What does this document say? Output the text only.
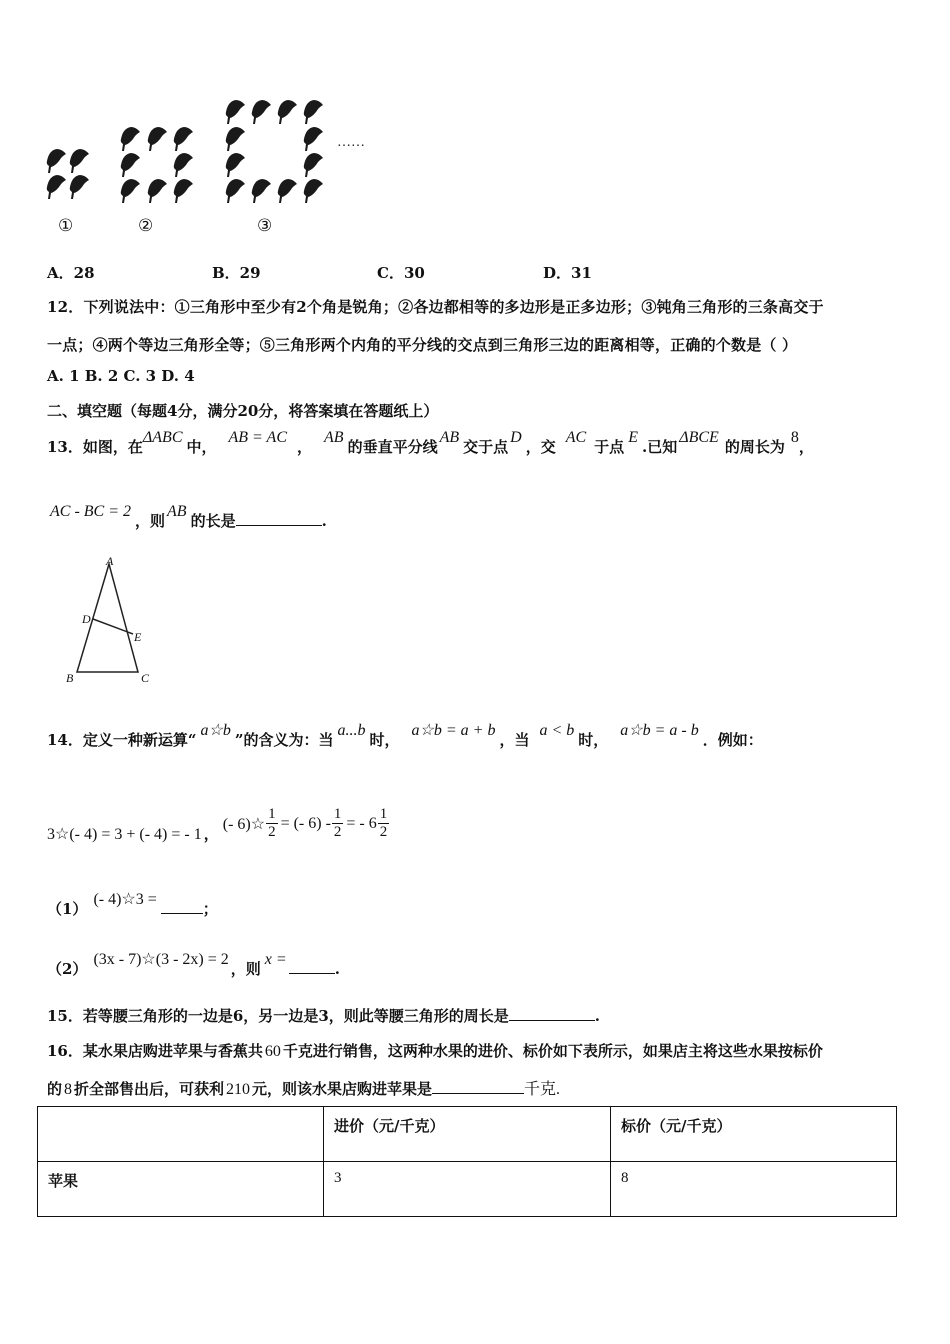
①	②	③
……
A．28	B．29	C．30	D．31
12．下列说法中：①三角形中至少有2个角是锐角；②各边都相等的多边形是正多边形；③钝角三角形的三条高交于
一点；④两个等边三角形全等；⑤三角形两个内角的平分线的交点到三角形三边的距离相等，正确的个数是（ ）
A. 1 B. 2 C. 3 D. 4
二、填空题（每题4分，满分20分，将答案填在答题纸上）
13．如图，在ΔABC中，AB = AC，AB的垂直平分线AB交于点D，交AC于点E.已知ΔBCE的周长为8，
AC - BC = 2，则AB的长是	.
A
D
E
B	C
14．定义一种新运算“a☆b”的含义为：当a...b时，a☆b = a + b，当a < b时，a☆b = a - b．例如：
3☆(- 4) = 3 + (- 4) = - 1 ，
(- 6)☆ $\frac{1}{2}$ = (- $6) - \frac{1}{2}$ = - $6 \frac{1}{2}$
（1）(- 4)☆3 =；
（2）(3x - 7)☆(3 - 2x) = 2，则x =.
15．若等腰三角形的一边是6，另一边是3，则此等腰三角形的周长是	.
16．某水果店购进苹果与香蕉共 60 千克进行销售，这两种水果的进价、标价如下表所示，如果店主将这些水果按标价
的 8 折全部售出后，可获利 210 元，则该水果店购进苹果是	千克.
	进价（元/千克）	标价（元/千克）
苹果	3	8
